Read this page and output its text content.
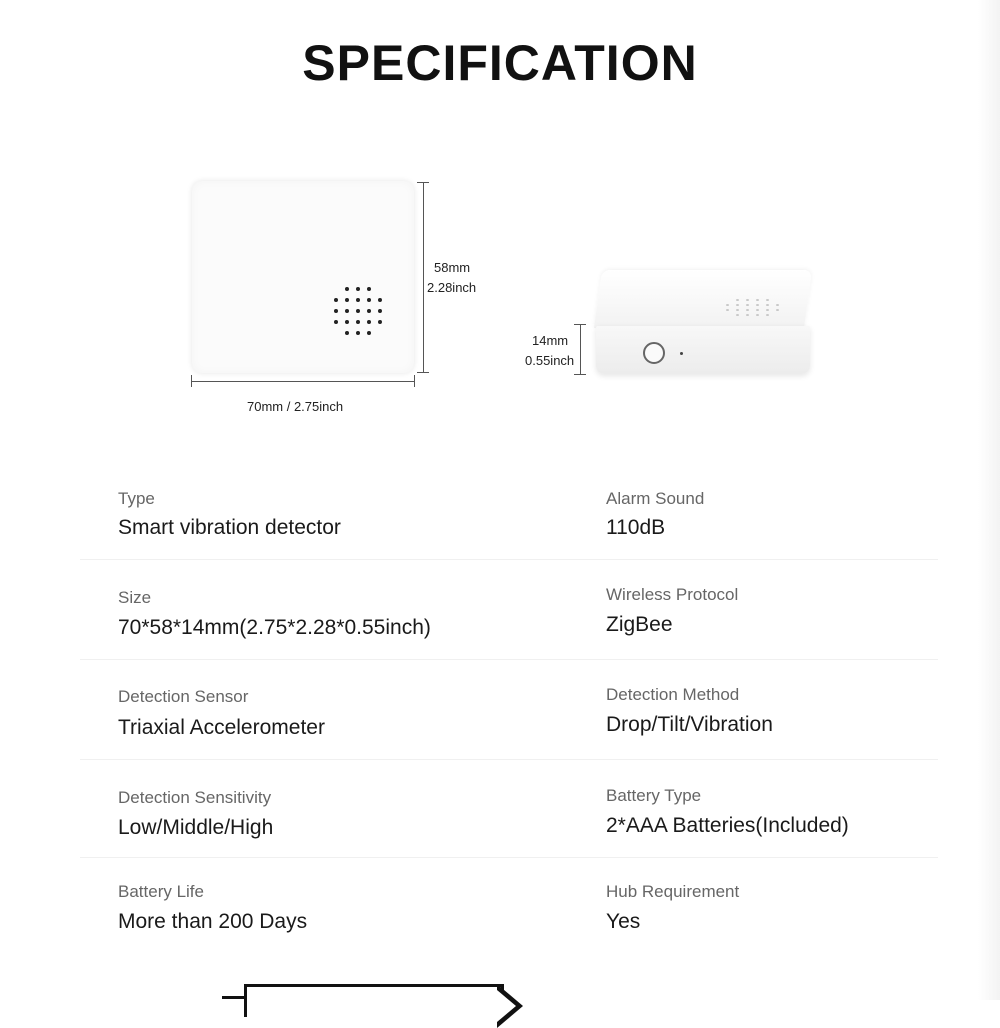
SPECIFICATION
58mm
2.28inch
70mm / 2.75inch
14mm
0.55inch
Type
Smart vibration detector
Alarm Sound
110dB
Size
70*58*14mm(2.75*2.28*0.55inch)
Wireless Protocol
ZigBee
Detection Sensor
Triaxial Accelerometer
Detection Method
Drop/Tilt/Vibration
Detection Sensitivity
Low/Middle/High
Battery Type
2*AAA Batteries(Included)
Battery Life
More than 200 Days
Hub Requirement
Yes
